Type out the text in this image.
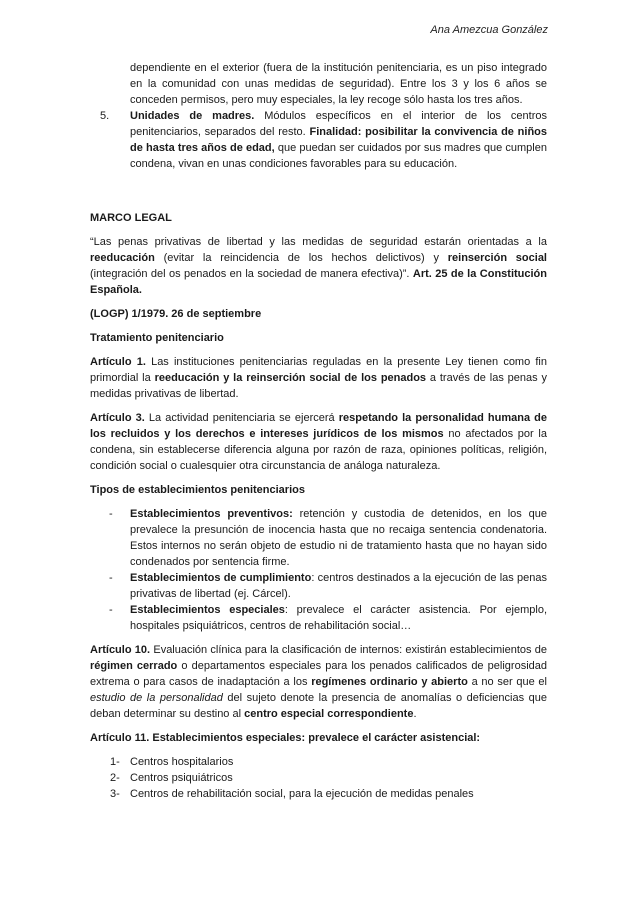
Ana Amezcua González

dependiente en el exterior (fuera de la institución penitenciaria, es un piso integrado en la comunidad con unas medidas de seguridad). Entre los 3 y los 6 años se conceden permisos, pero muy especiales, la ley recoge sólo hasta los tres años.

5. Unidades de madres. Módulos específicos en el interior de los centros penitenciarios, separados del resto. Finalidad: posibilitar la convivencia de niños de hasta tres años de edad, que puedan ser cuidados por sus madres que cumplen condena, vivan en unas condiciones favorables para su educación.

MARCO LEGAL

“Las penas privativas de libertad y las medidas de seguridad estarán orientadas a la reeducación (evitar la reincidencia de los hechos delictivos) y reinserción social (integración del os penados en la sociedad de manera efectiva)”. Art. 25 de la Constitución Española.

(LOGP) 1/1979. 26 de septiembre

Tratamiento penitenciario

Artículo 1. Las instituciones penitenciarias reguladas en la presente Ley tienen como fin primordial la reeducación y la reinserción social de los penados a través de las penas y medidas privativas de libertad.

Artículo 3. La actividad penitenciaria se ejercerá respetando la personalidad humana de los recluidos y los derechos e intereses jurídicos de los mismos no afectados por la condena, sin establecerse diferencia alguna por razón de raza, opiniones políticas, religión, condición social o cualesquier otra circunstancia de análoga naturaleza.

Tipos de establecimientos penitenciarios

- Establecimientos preventivos: retención y custodia de detenidos, en los que prevalece la presunción de inocencia hasta que no recaiga sentencia condenatoria. Estos internos no serán objeto de estudio ni de tratamiento hasta que no hayan sido condenados por sentencia firme.

- Establecimientos de cumplimiento: centros destinados a la ejecución de las penas privativas de libertad (ej. Cárcel).

- Establecimientos especiales: prevalece el carácter asistencia. Por ejemplo, hospitales psiquiátricos, centros de rehabilitación social…

Artículo 10. Evaluación clínica para la clasificación de internos: existirán establecimientos de régimen cerrado o departamentos especiales para los penados calificados de peligrosidad extrema o para casos de inadaptación a los regímenes ordinario y abierto a no ser que el estudio de la personalidad del sujeto denote la presencia de anomalías o deficiencias que deban determinar su destino al centro especial correspondiente.

Artículo 11. Establecimientos especiales: prevalece el carácter asistencial:

1- Centros hospitalarios
2- Centros psiquiátricos
3- Centros de rehabilitación social, para la ejecución de medidas penales
